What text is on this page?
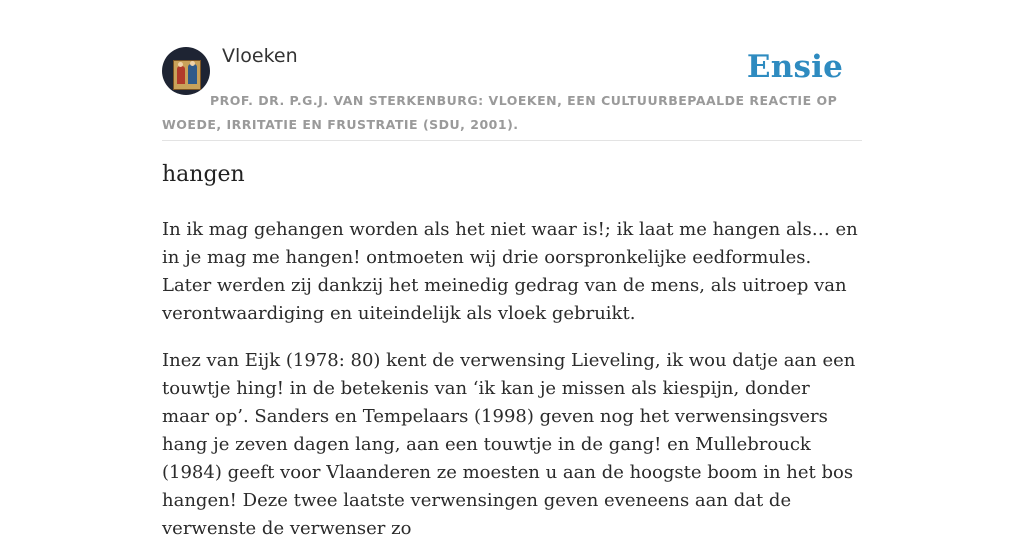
Vloeken	Ensie
PROF. DR. P.G.J. VAN STERKENBURG: VLOEKEN, EEN CULTUURBEPAALDE REACTIE OP WOEDE, IRRITATIE EN FRUSTRATIE (SDU, 2001).
hangen

In ik mag gehangen worden als het niet waar is!; ik laat me hangen als… en in je mag me hangen! ontmoeten wij drie oorspronkelijke eedformules. Later werden zij dankzij het meinedig gedrag van de mens, als uitroep van verontwaardiging en uiteindelijk als vloek gebruikt.

Inez van Eijk (1978: 80) kent de verwensing Lieveling, ik wou datje aan een touwtje hing! in de betekenis van ‘ik kan je missen als kiespijn, donder maar op’. Sanders en Tempelaars (1998) geven nog het verwensingsvers hang je zeven dagen lang, aan een touwtje in de gang! en Mullebrouck (1984) geeft voor Vlaanderen ze moesten u aan de hoogste boom in het bos hangen! Deze twee laatste verwensingen geven eveneens aan dat de verwenste de verwenser zo
